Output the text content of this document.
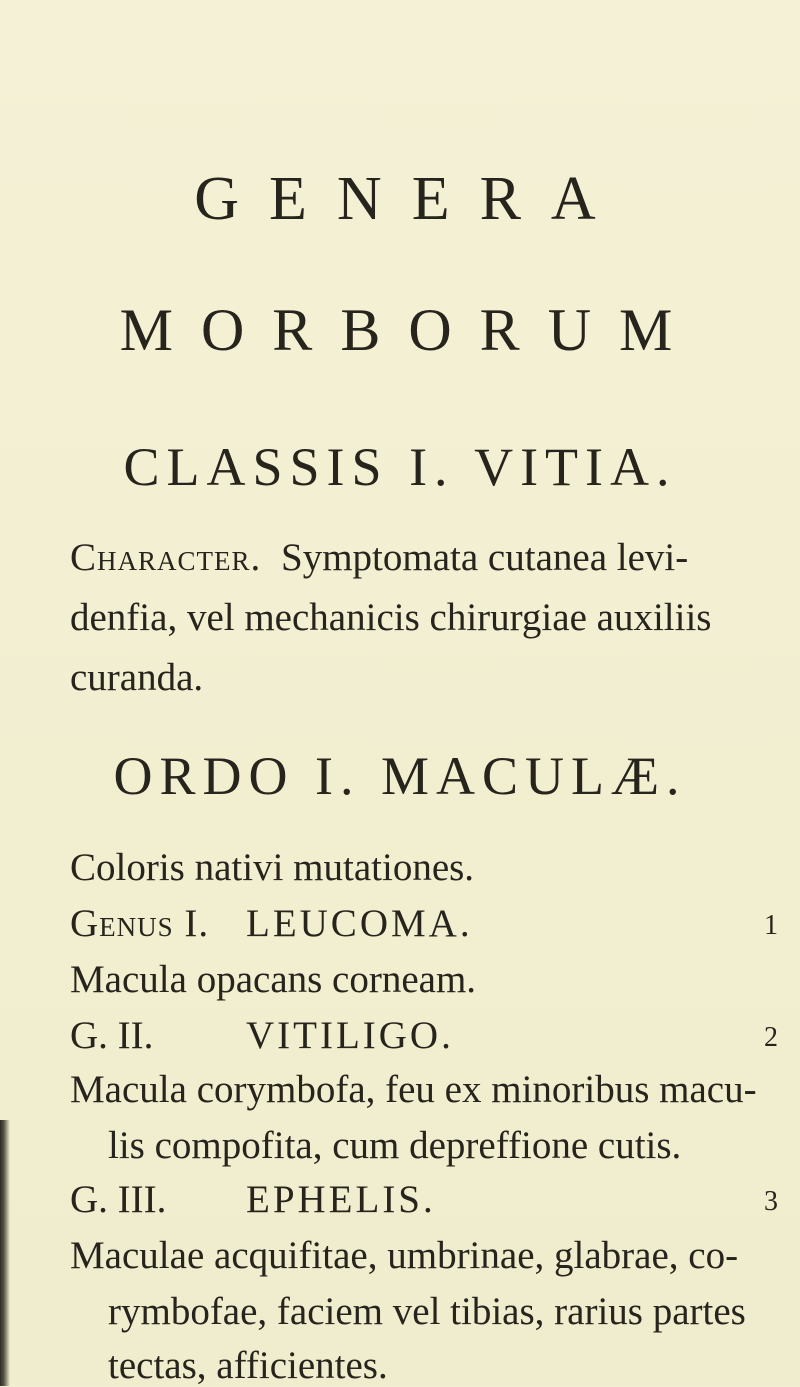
GENERA
MORBORUM
CLASSIS I. VITIA.
Character. Symptomata cutanea levi-
denfia, vel mechanicis chirurgiae auxiliis
curanda.
ORDO I. MACULÆ.
Coloris nativi mutationes.
Genus I. LEUCOMA.	1
Macula opacans corneam.
G. II. VITILIGO.	2
Macula corymbofa, feu ex minoribus macu-
lis compofita, cum depreffione cutis.
G. III. EPHELIS.	3
Maculae acquifitae, umbrinae, glabrae, co-
rymbofae, faciem vel tibias, rarius partes
tectas, afficientes.
